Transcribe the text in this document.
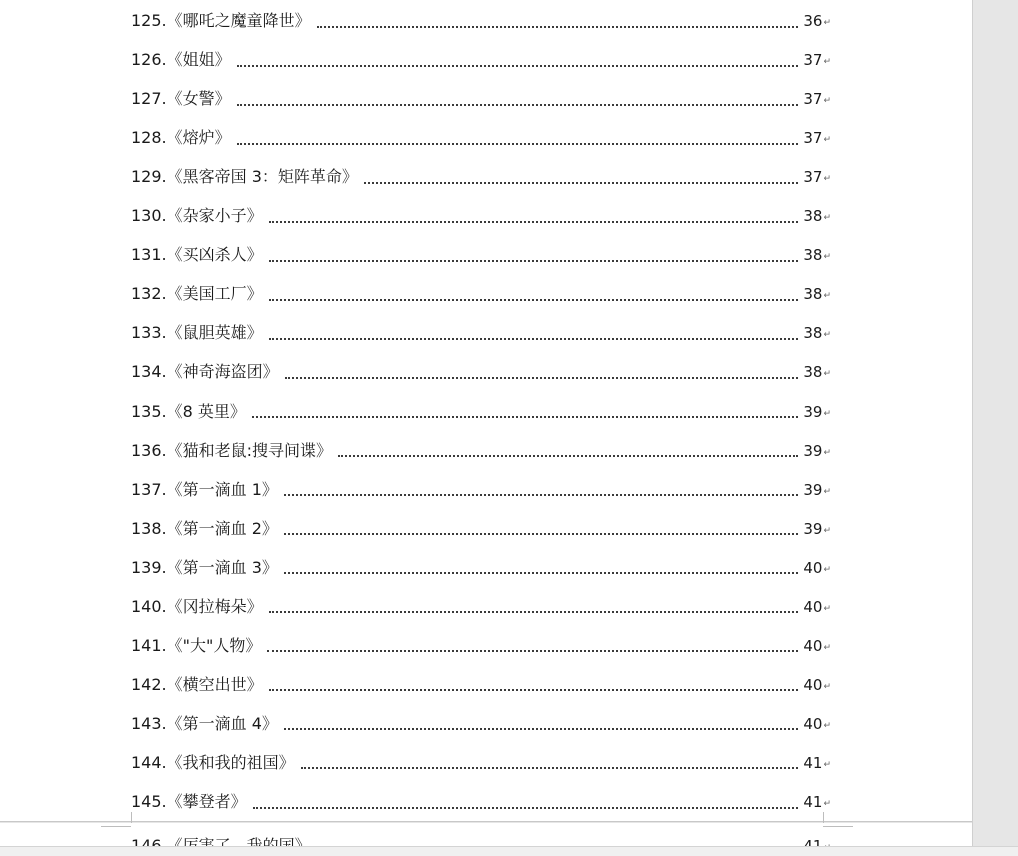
125.《哪吒之魔童降世》	36 ↵
126.《姐姐》	37 ↵
127.《女警》	37 ↵
128.《熔炉》	37 ↵
129.《黑客帝国 3：矩阵革命》	37 ↵
130.《杂家小子》	38 ↵
131.《买凶杀人》	38 ↵
132.《美国工厂》	38 ↵
133.《鼠胆英雄》	38 ↵
134.《神奇海盗团》	38 ↵
135.《8 英里》	39 ↵
136.《猫和老鼠:搜寻间谍》	39 ↵
137.《第一滴血 1》	39 ↵
138.《第一滴血 2》	39 ↵
139.《第一滴血 3》	40 ↵
140.《冈拉梅朵》	40 ↵
141.《"大"人物》	40 ↵
142.《横空出世》	40 ↵
143.《第一滴血 4》	40 ↵
144.《我和我的祖国》	41 ↵
145.《攀登者》	41 ↵
